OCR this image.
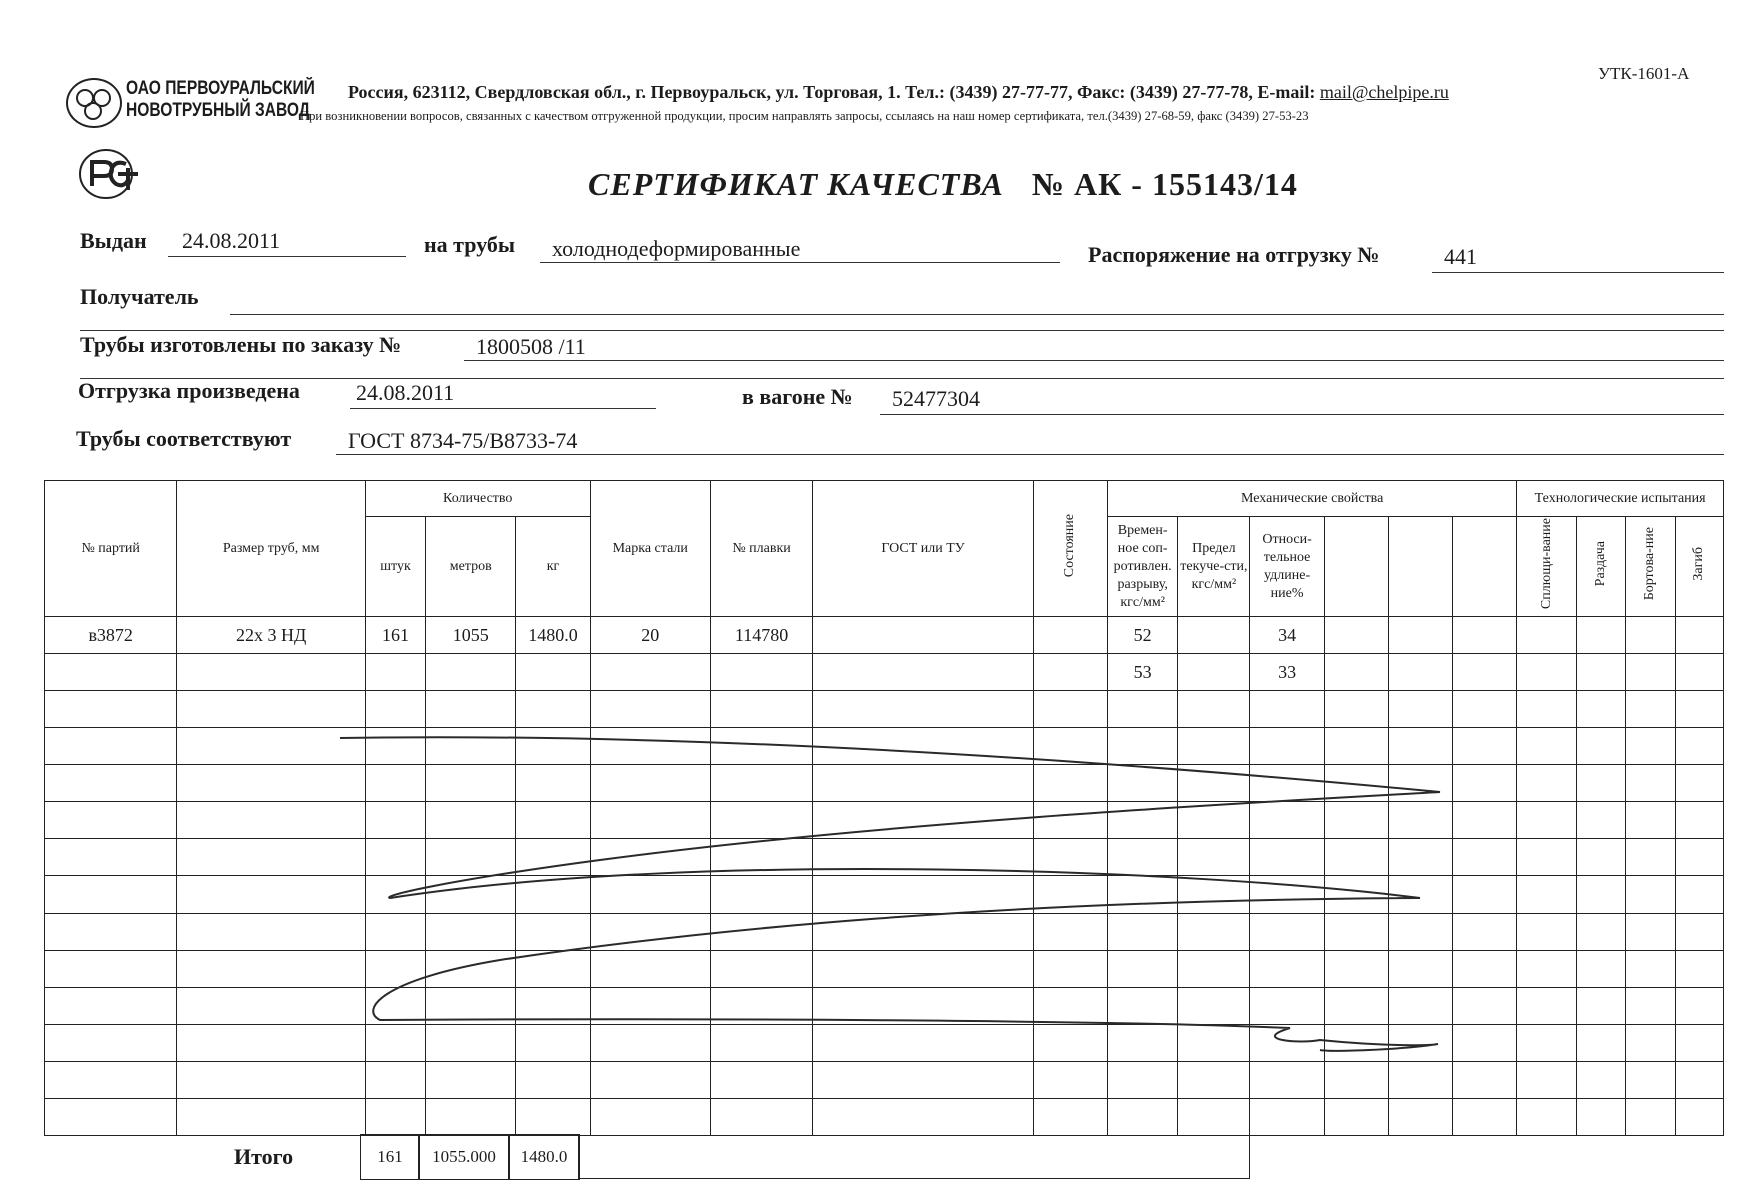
ОАО ПЕРВОУРАЛЬСКИЙ
НОВОТРУБНЫЙ ЗАВОД
Россия, 623112, Свердловская обл., г. Первоуральск, ул. Торговая, 1. Тел.: (3439) 27-77-77, Факс: (3439) 27-77-78, E-mail: mail@chelpipe.ru
При возникновении вопросов, связанных с качеством отгруженной продукции, просим направлять запросы, ссылаясь на наш номер сертификата, тел.(3439) 27-68-59, факс (3439) 27-53-23
УТК-1601-А
СЕРТИФИКАТ КАЧЕСТВА № АК - 155143/14
Выдан 24.08.2011	на трубы холоднодеформированные	Распоряжение на отгрузку №	441
Получатель
Трубы изготовлены по заказу №	1800508 /11
Отгрузка произведена	24.08.2011	в вагоне № 52477304
Трубы соответствуют	ГОСТ 8734-75/В8733-74
№ партий	Размер труб, мм	Количество			Марка стали	№ плавки	ГОСТ или ТУ	Состояние	Механические свойства						Технологические испытания			
		штук	метров	кг					Времен-ное соп-ротивлен. разрыву, кгс/мм²	Предел текуче-сти, кгс/мм²	Относи-тельное удлине-ние%				Сплющи-вание	Раздача	Бортова-ние	Загиб
в3872	22х 3 НД	161	1055	1480.0	20	114780			52		34							
									53		33							

Итого	161	1055.000	1480.0
